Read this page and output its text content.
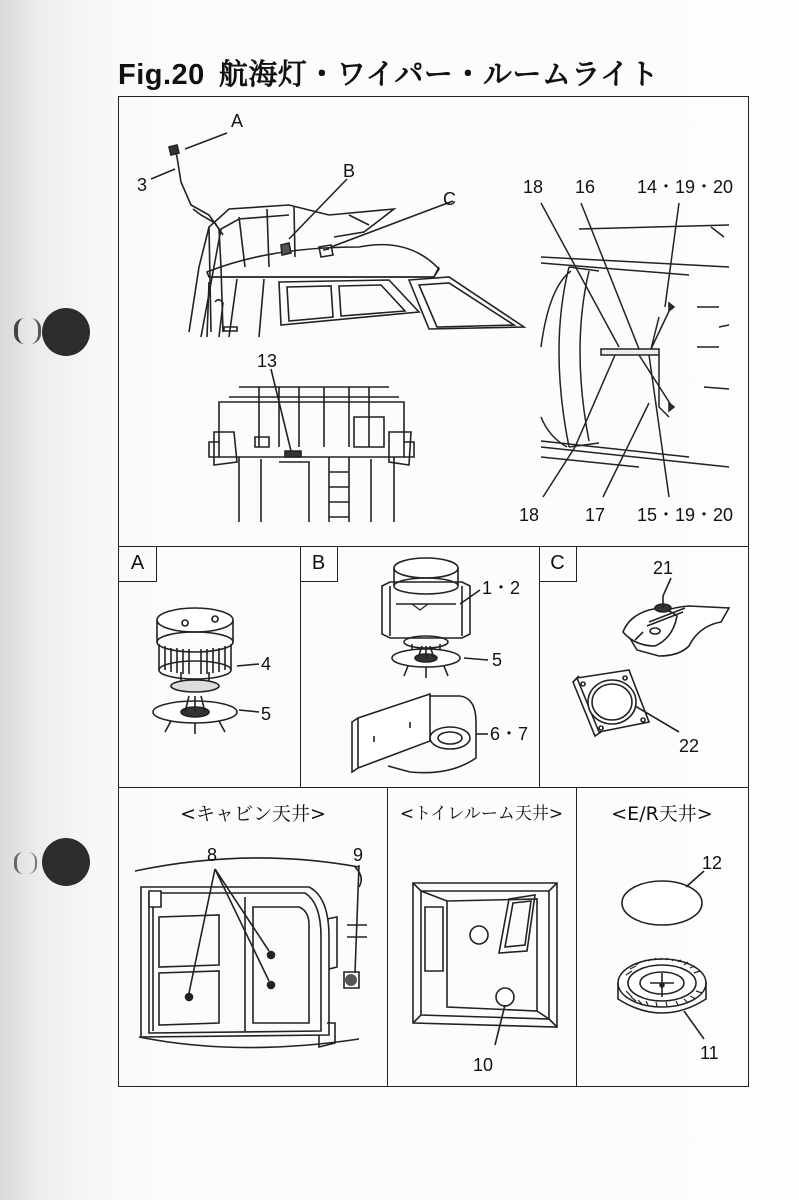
Fig.20 航海灯・ワイパー・ルームライト
A
3
B
C
13
18 16 14・19・20
18	17 15・19・20
A
4
5
B
1・2
5
6・7
C	21
22
<キャビン天井>
8	9
<トイレルーム天井>
10
<E/R天井>
12
11
